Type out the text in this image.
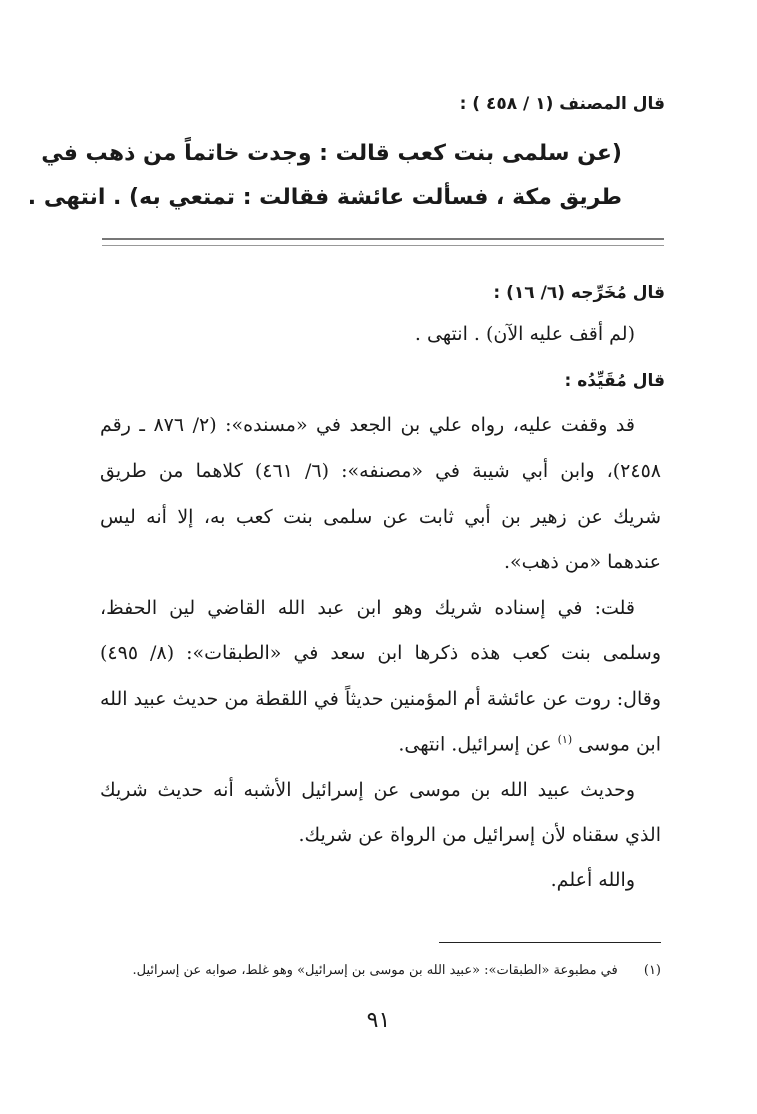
قال المصنف (١ / ٤٥٨ ) :
(عن سلمى بنت كعب قالت : وجدت خاتماً من ذهب في
طريق مكة ، فسألت عائشة فقالت : تمتعي به) . انتهى .
قال مُخَرِّجه (٦/ ١٦) :
(لم أقف عليه الآن) . انتهى .
قال مُقَيِّدُه :
قد وقفت عليه، رواه علي بن الجعد في «مسنده»: (٢/ ٨٧٦ ـ رقم
٢٤٥٨)، وابن أبي شيبة في «مصنفه»: (٦/ ٤٦١) كلاهما من طريق
شريك عن زهير بن أبي ثابت عن سلمى بنت كعب به، إلا أنه ليس
عندهما «من ذهب».
قلت: في إسناده شريك وهو ابن عبد الله القاضي لين الحفظ،
وسلمى بنت كعب هذه ذكرها ابن سعد في «الطبقات»: (٨/ ٤٩٥)
وقال: روت عن عائشة أم المؤمنين حديثاً في اللقطة من حديث عبيد الله
ابن موسى $^{(١)}$ عن إسرائيل. انتهى.
وحديث عبيد الله بن موسى عن إسرائيل الأشبه أنه حديث شريك
الذي سقناه لأن إسرائيل من الرواة عن شريك.
والله أعلم.
(١) في مطبوعة «الطبقات»: «عبيد الله بن موسى بن إسرائيل» وهو غلط، صوابه عن إسرائيل.
٩١
